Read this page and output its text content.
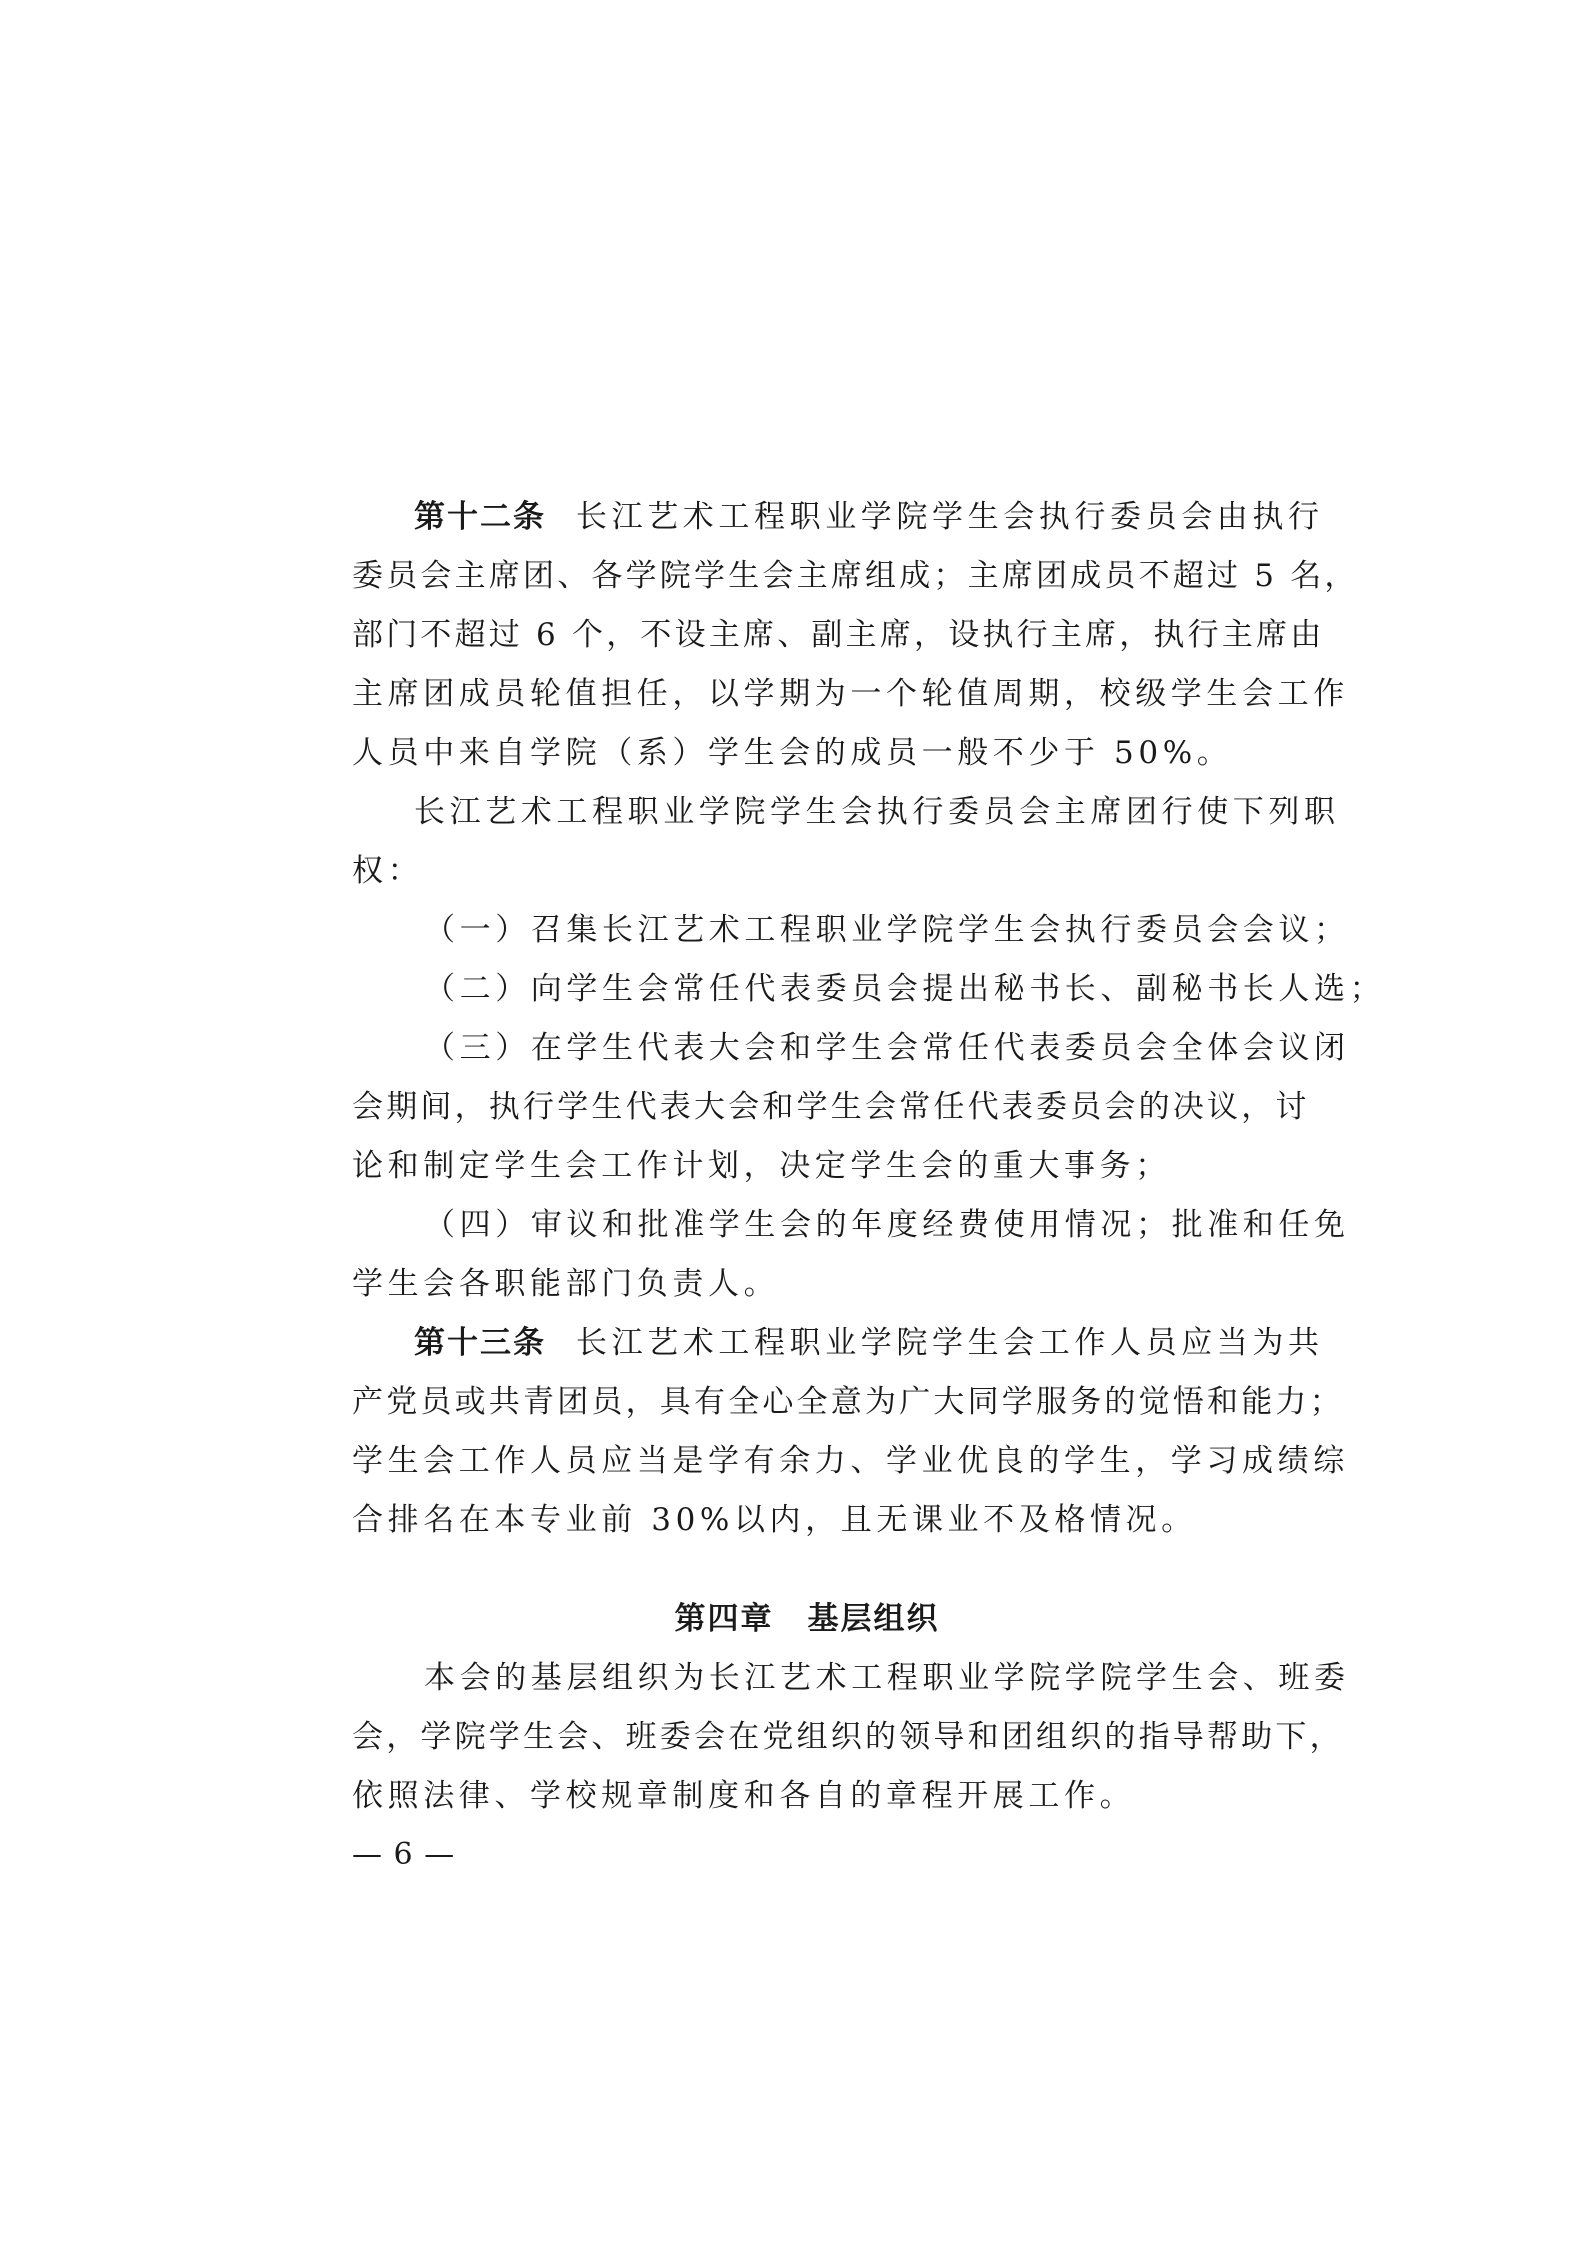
第十二条 长江艺术工程职业学院学生会执行委员会由执行
委员会主席团、各学院学生会主席组成；主席团成员不超过 5 名，
部门不超过 6 个，不设主席、副主席，设执行主席，执行主席由
主席团成员轮值担任，以学期为一个轮值周期，校级学生会工作
人员中来自学院（系）学生会的成员一般不少于 50%。
长江艺术工程职业学院学生会执行委员会主席团行使下列职
权：
（一）召集长江艺术工程职业学院学生会执行委员会会议；
（二）向学生会常任代表委员会提出秘书长、副秘书长人选；
（三）在学生代表大会和学生会常任代表委员会全体会议闭
会期间，执行学生代表大会和学生会常任代表委员会的决议，讨
论和制定学生会工作计划，决定学生会的重大事务；
（四）审议和批准学生会的年度经费使用情况；批准和任免
学生会各职能部门负责人。
第十三条 长江艺术工程职业学院学生会工作人员应当为共
产党员或共青团员，具有全心全意为广大同学服务的觉悟和能力；
学生会工作人员应当是学有余力、学业优良的学生，学习成绩综
合排名在本专业前 30%以内，且无课业不及格情况。
第四章 基层组织
本会的基层组织为长江艺术工程职业学院学院学生会、班委
会，学院学生会、班委会在党组织的领导和团组织的指导帮助下，
依照法律、学校规章制度和各自的章程开展工作。
— 6 —
